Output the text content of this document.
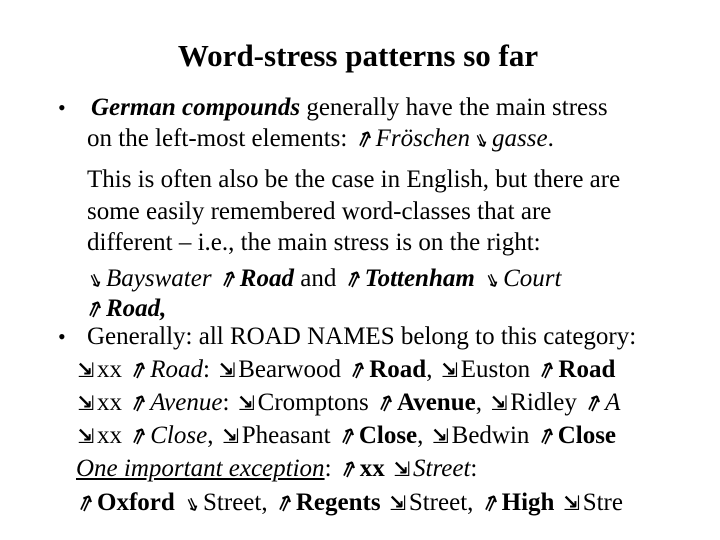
Word-stress patterns so far
• German compounds generally have the main stress
on the left-most elements: ⇗Fröschen⇘gasse.
This is often also be the case in English, but there are
some easily remembered word-classes that are
different – i.e., the main stress is on the right:
⇘Bayswater ⇗Road and ⇗Tottenham ⇘Court
⇗Road,
• Generally: all ROAD NAMES belong to this category:
⇲ xx ⇗Road: ⇲ Bearwood ⇗Road, ⇲ Euston ⇗Road
⇲ xx ⇗Avenue: ⇲ Cromptons ⇗Avenue, ⇲ Ridley ⇗A
⇲ xx ⇗Close, ⇲ Pheasant ⇗Close, ⇲ Bedwin ⇗Close
One important exception: ⇗xx ⇲ Street:
⇗Oxford ⇘Street, ⇗Regents ⇲ Street, ⇗High ⇲ Stre
